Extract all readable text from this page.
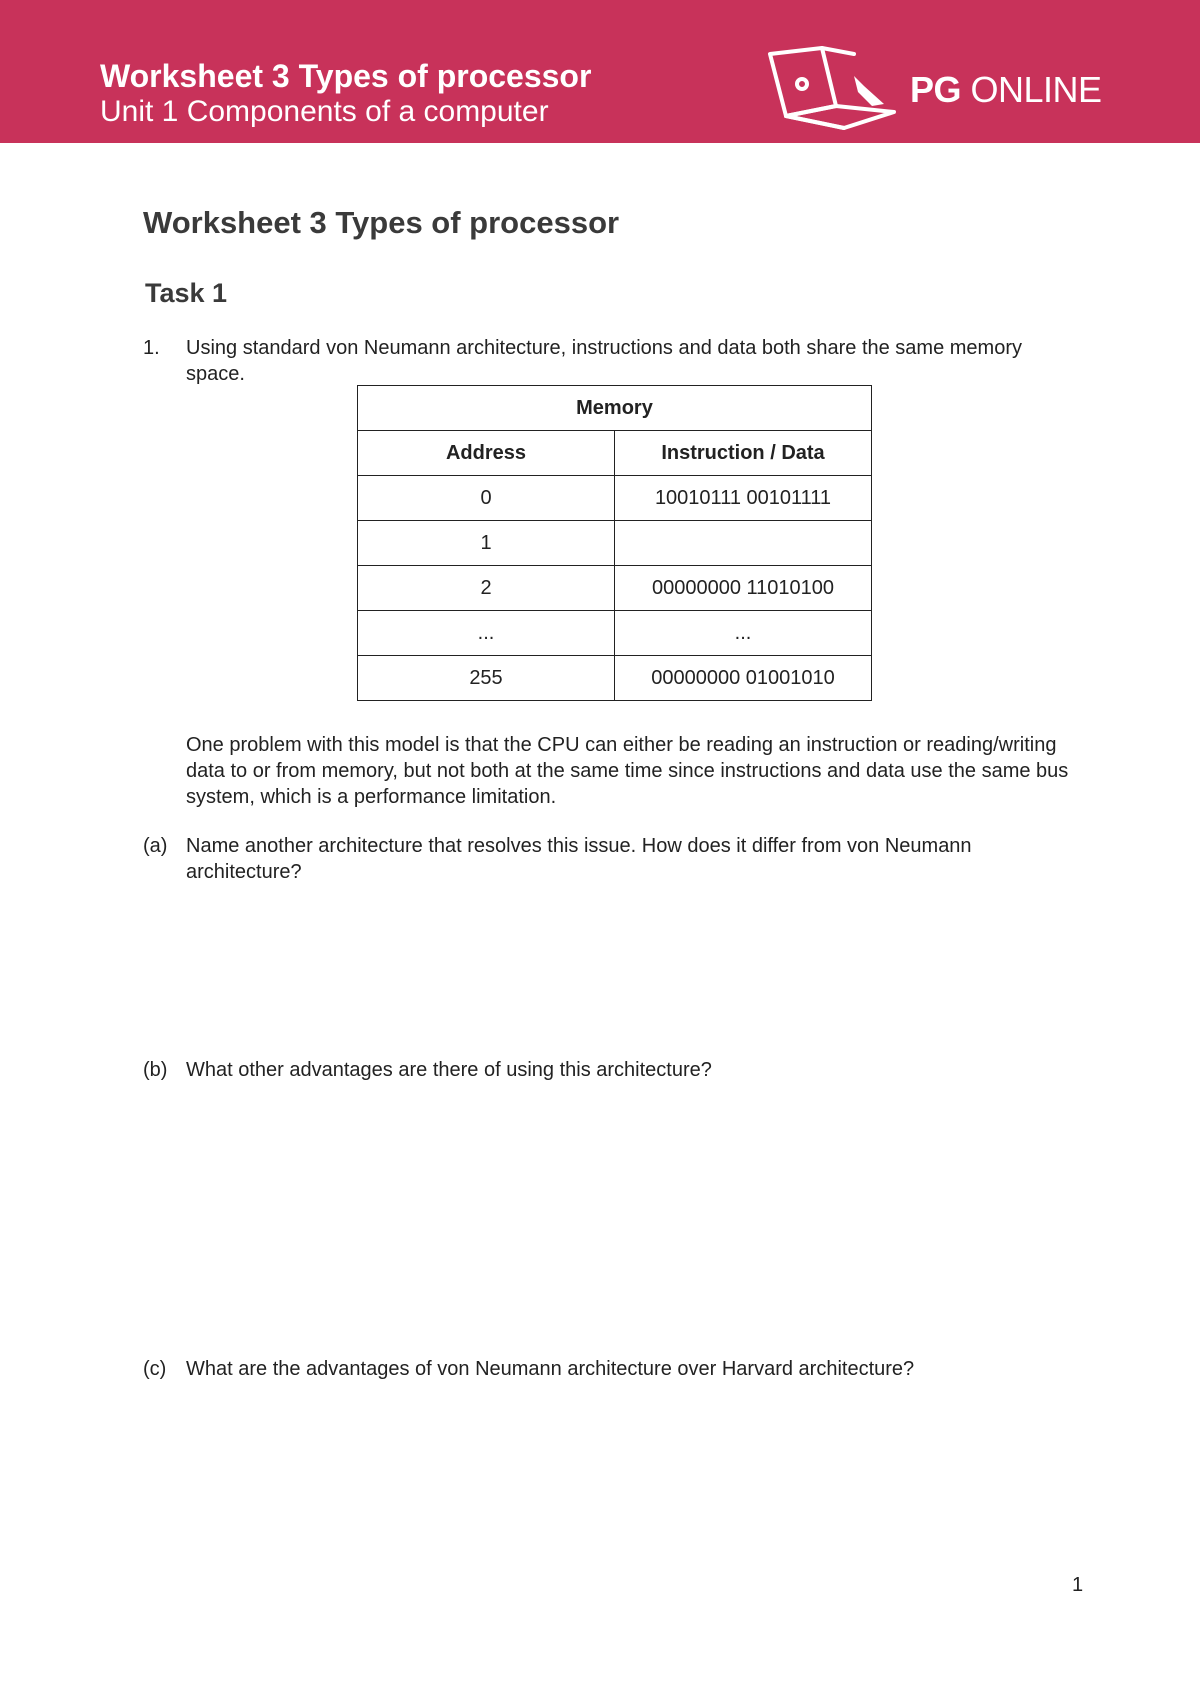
Worksheet 3 Types of processor
Unit 1 Components of a computer
PG ONLINE
Worksheet 3 Types of processor
Task 1
1. Using standard von Neumann architecture, instructions and data both share the same memory space.

Memory	
Address	Instruction / Data
0	10010111 00101111
1	
2	00000000 11010100
...	...
255	00000000 01001010

One problem with this model is that the CPU can either be reading an instruction or reading/writing data to or from memory, but not both at the same time since instructions and data use the same bus system, which is a performance limitation.

(a) Name another architecture that resolves this issue. How does it differ from von Neumann architecture?

(b) What other advantages are there of using this architecture?

(c) What are the advantages of von Neumann architecture over Harvard architecture?

1
